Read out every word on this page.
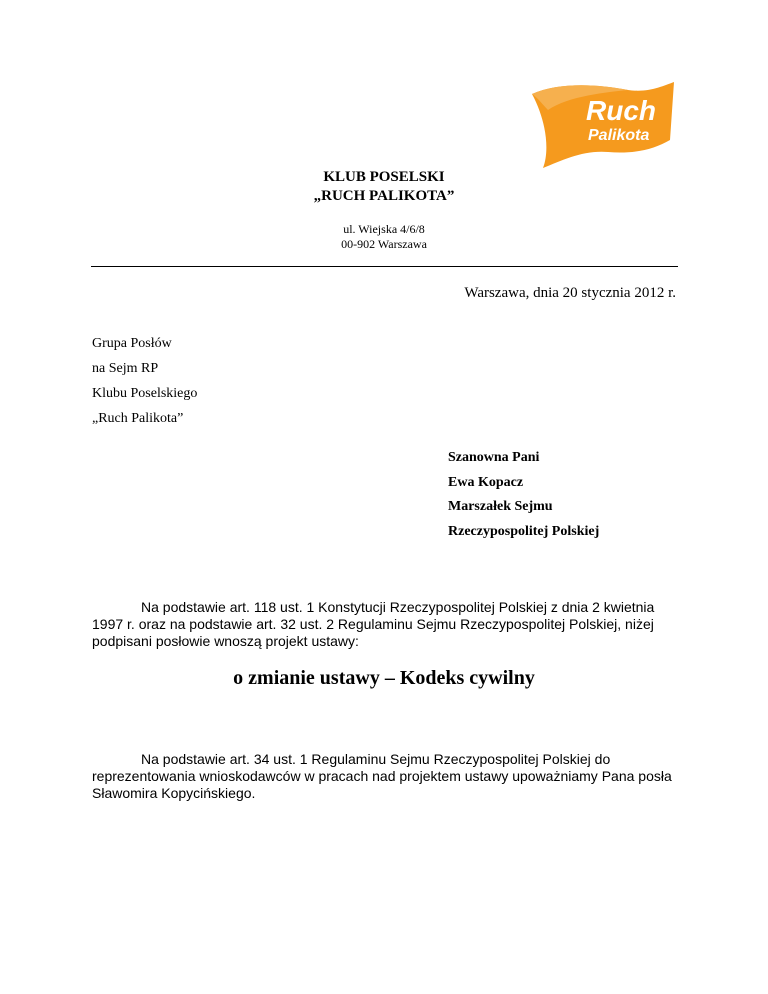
Ruch
Palikota
KLUB POSELSKI
„RUCH PALIKOTA”
ul. Wiejska 4/6/8
00-902 Warszawa
Warszawa, dnia 20 stycznia 2012 r.
Grupa Posłów
na Sejm RP
Klubu Poselskiego
„Ruch Palikota”
Szanowna Pani
Ewa Kopacz
Marszałek Sejmu
Rzeczypospolitej Polskiej
Na podstawie art. 118 ust. 1 Konstytucji Rzeczypospolitej Polskiej z dnia 2 kwietnia
1997 r. oraz na podstawie art. 32 ust. 2 Regulaminu Sejmu Rzeczypospolitej Polskiej, niżej
podpisani posłowie wnoszą projekt ustawy:
o zmianie ustawy – Kodeks cywilny
Na podstawie art. 34 ust. 1 Regulaminu Sejmu Rzeczypospolitej Polskiej do
reprezentowania wnioskodawców w pracach nad projektem ustawy upoważniamy Pana posła
Sławomira Kopycińskiego.
